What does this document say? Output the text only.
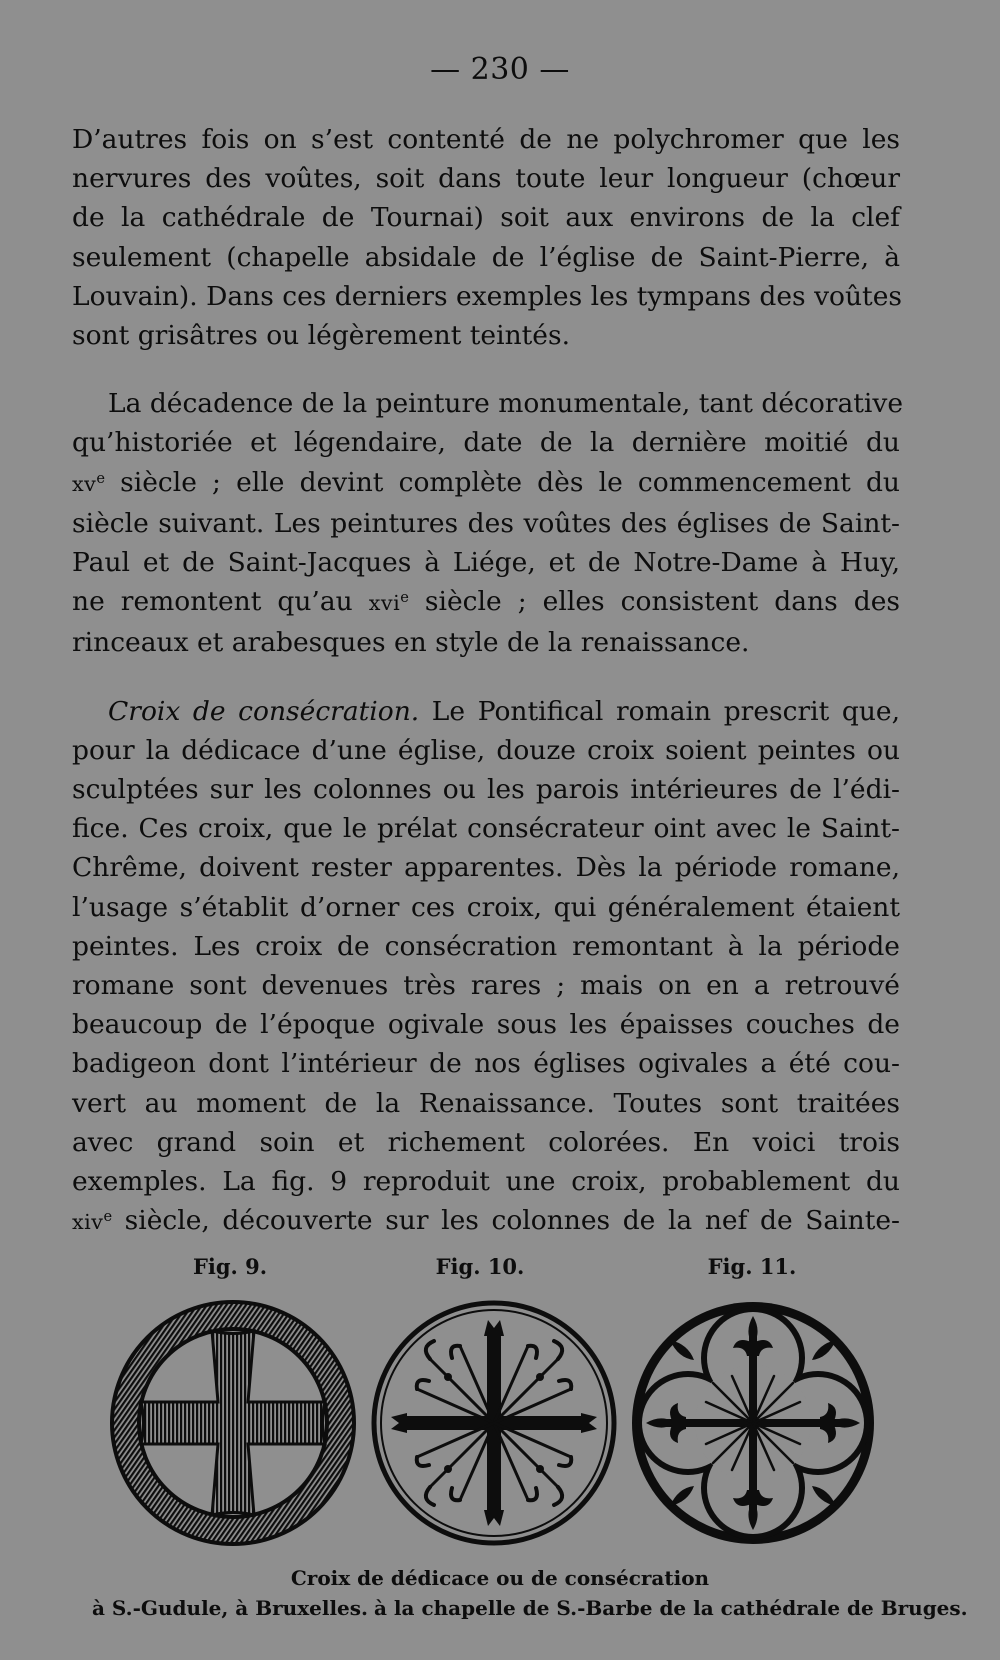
— 230 —

D’autres fois on s’est contenté de ne polychromer que les
nervures des voûtes, soit dans toute leur longueur (chœur
de la cathédrale de Tournai) soit aux environs de la clef
seulement (chapelle absidale de l’église de Saint-Pierre, à
Louvain). Dans ces derniers exemples les tympans des voûtes
sont grisâtres ou légèrement teintés.

La décadence de la peinture monumentale, tant décorative
qu’historiée et légendaire, date de la dernière moitié du
$xv^e$ siècle ; elle devint complète dès le commencement du
siècle suivant. Les peintures des voûtes des églises de Saint-
Paul et de Saint-Jacques à Liége, et de Notre-Dame à Huy,
ne remontent qu’au xvi$^e$ siècle ; elles consistent dans des
rinceaux et arabesques en style de la renaissance.

Croix de consécration. Le Pontifical romain prescrit que,
pour la dédicace d’une église, douze croix soient peintes ou
sculptées sur les colonnes ou les parois intérieures de l’édi-
fice. Ces croix, que le prélat consécrateur oint avec le Saint-
Chrême, doivent rester apparentes. Dès la période romane,
l’usage s’établit d’orner ces croix, qui généralement étaient
peintes. Les croix de consécration remontant à la période
romane sont devenues très rares ; mais on en a retrouvé
beaucoup de l’époque ogivale sous les épaisses couches de
badigeon dont l’intérieur de nos églises ogivales a été cou-
vert au moment de la Renaissance. Toutes sont traitées
avec grand soin et richement colorées. En voici trois
exemples. La fig. 9 reproduit une croix, probablement du
xiv$^e$ siècle, découverte sur les colonnes de la nef de Sainte-

Fig. 9.	Fig. 10.	Fig. 11.
Croix de dédicace ou de consécration
à S.-Gudule, à Bruxelles. à la chapelle de S.-Barbe de la cathédrale de Bruges.
